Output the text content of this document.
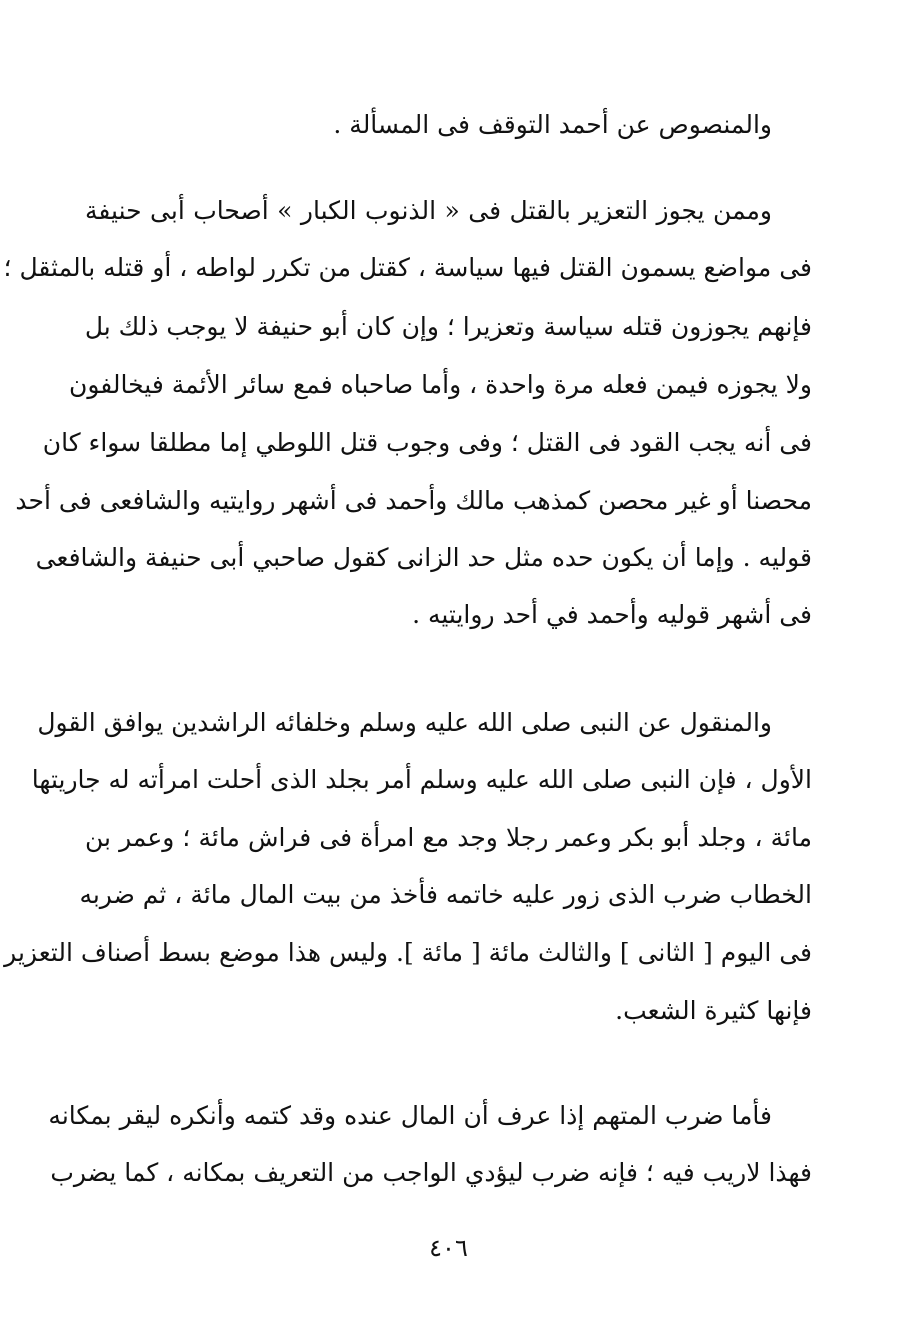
والمنصوص عن أحمد التوقف فى المسألة .
وممن يجوز التعزير بالقتل فى « الذنوب الكبار » أصحاب أبى حنيفة
فى مواضع يسمون القتل فيها سياسة ، كقتل من تكرر لواطه ، أو قتله بالمثقل ؛
فإنهم يجوزون قتله سياسة وتعزيرا ؛ وإن كان أبو حنيفة لا يوجب ذلك بل
ولا يجوزه فيمن فعله مرة واحدة ، وأما صاحباه فمع سائر الأئمة فيخالفون
فى أنه يجب القود فى القتل ؛ وفى وجوب قتل اللوطي إما مطلقا سواء كان
محصنا أو غير محصن كمذهب مالك وأحمد فى أشهر روايتيه والشافعى فى أحد
قوليه . وإما أن يكون حده مثل حد الزانى كقول صاحبي أبى حنيفة والشافعى
فى أشهر قوليه وأحمد في أحد روايتيه .
والمنقول عن النبى صلى الله عليه وسلم وخلفائه الراشدين يوافق القول
الأول ، فإن النبى صلى الله عليه وسلم أمر بجلد الذى أحلت امرأته له جاريتها
مائة ، وجلد أبو بكر وعمر رجلا وجد مع امرأة فى فراش مائة ؛ وعمر بن
الخطاب ضرب الذى زور عليه خاتمه فأخذ من بيت المال مائة ، ثم ضربه
فى اليوم [ الثانى ] والثالث مائة [ مائة ]. وليس هذا موضع بسط أصناف التعزير
فإنها كثيرة الشعب.
فأما ضرب المتهم إذا عرف أن المال عنده وقد كتمه وأنكره ليقر بمكانه
فهذا لاريب فيه ؛ فإنه ضرب ليؤدي الواجب من التعريف بمكانه ، كما يضرب
٤٠٦
